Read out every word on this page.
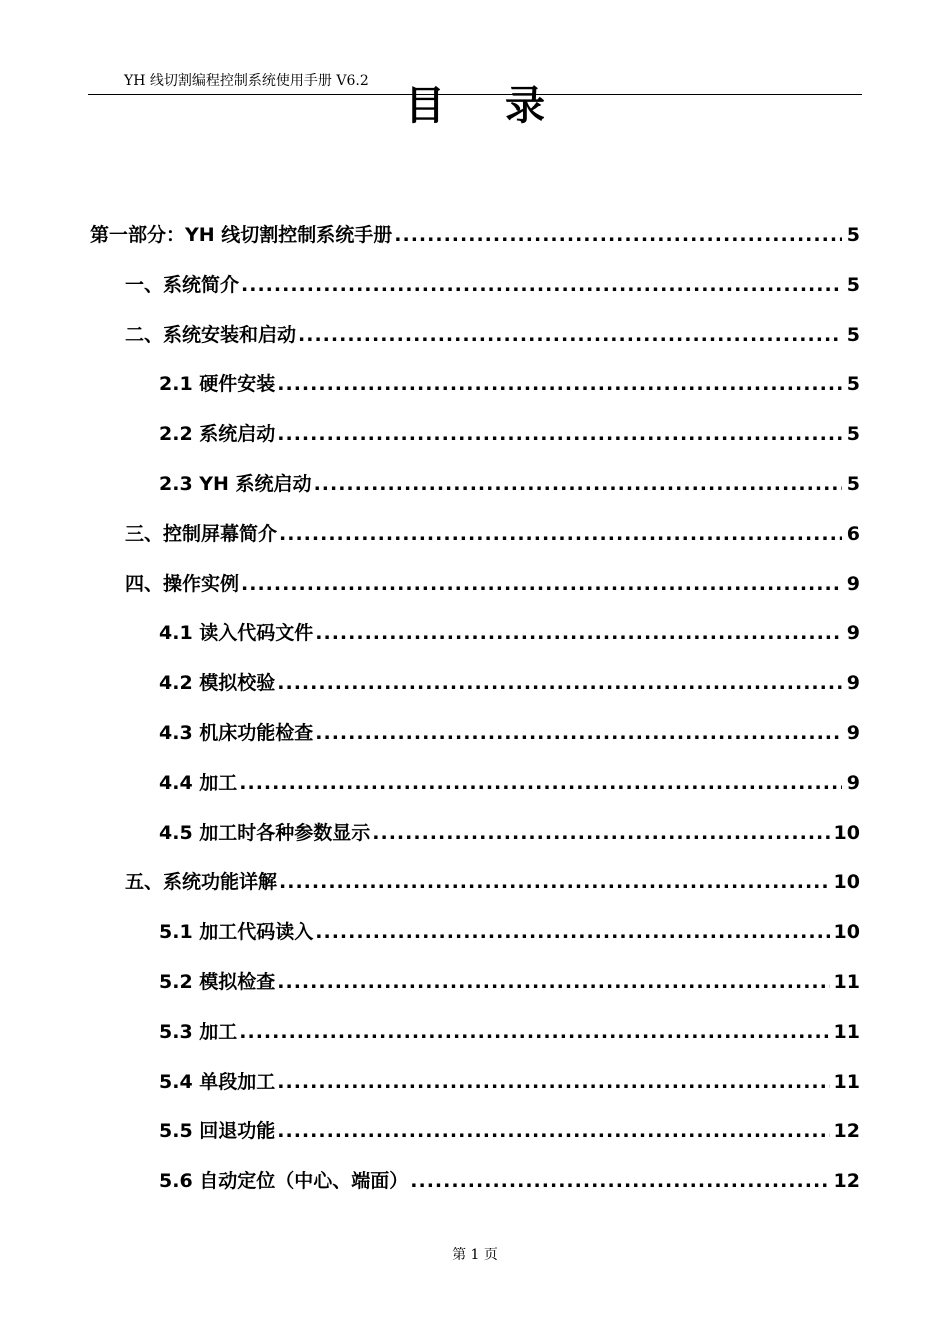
YH 线切割编程控制系统使用手册 V6.2
目录
第一部分：YH 线切割控制系统手册 .....	5
一、系统简介 .....	5
二、系统安装和启动 .....	5
2.1 硬件安装 .....	5
2.2 系统启动 .....	5
2.3 YH 系统启动 .....	5
三、控制屏幕简介 .....	6
四、操作实例 .....	9
4.1 读入代码文件 .....	9
4.2 模拟校验 .....	9
4.3 机床功能检查 .....	9
4.4 加工 .....	9
4.5 加工时各种参数显示 .....	10
五、系统功能详解 .....	10
5.1 加工代码读入 .....	10
5.2 模拟检查 .....	11
5.3 加工 .....	11
5.4 单段加工 .....	11
5.5 回退功能 .....	12
5.6 自动定位（中心、端面） .....	12
第 1 页
